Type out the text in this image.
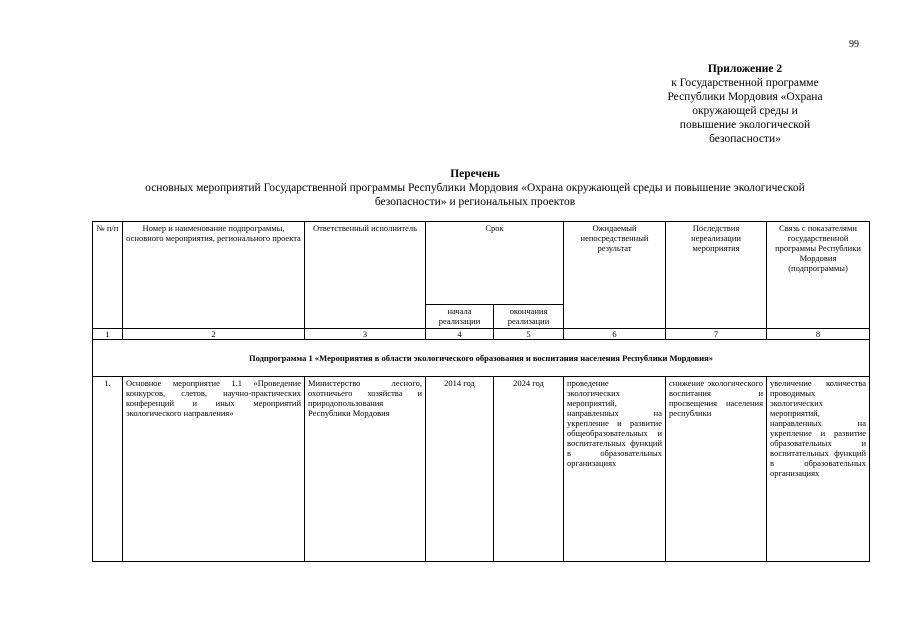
99
Приложение 2
к Государственной программе
Республики Мордовия «Охрана
окружающей среды и
повышение экологической
безопасности»
Перечень
основных мероприятий Государственной программы Республики Мордовия «Охрана окружающей среды и повышение экологической
безопасности» и региональных проектов
№ п/п	Номер и наименование подпрограммы, основного мероприятия, регионального проекта	Ответственный исполнитель	Срок		Ожидаемый непосредственный результат	Последствия нереализации мероприятия	Связь с показателями государственной программы Республики Мордовия (подпрограммы)
			начала реализации	окончания реализации			
1	2	3	4	5	6	7	8
Подпрограмма 1 «Мероприятия в области экологического образования и воспитания населения Республики Мордовия»							
1.	Основное мероприятие 1.1 «Проведение конкурсов, слетов, научно-практических конференций и иных мероприятий экологического направления»	Министерство лесного, охотничьего хозяйства и природопользования Республики Мордовия	2014 год	2024 год	проведение экологических мероприятий, направленных на укрепление и развитие общеобразовательных и воспитательных функций в образовательных организациях	снижение экологического воспитания и просвещения населения республики	увеличение количества проводимых экологических мероприятий, направленных на укрепление и развитие образовательных и воспитательных функций в образовательных организациях
